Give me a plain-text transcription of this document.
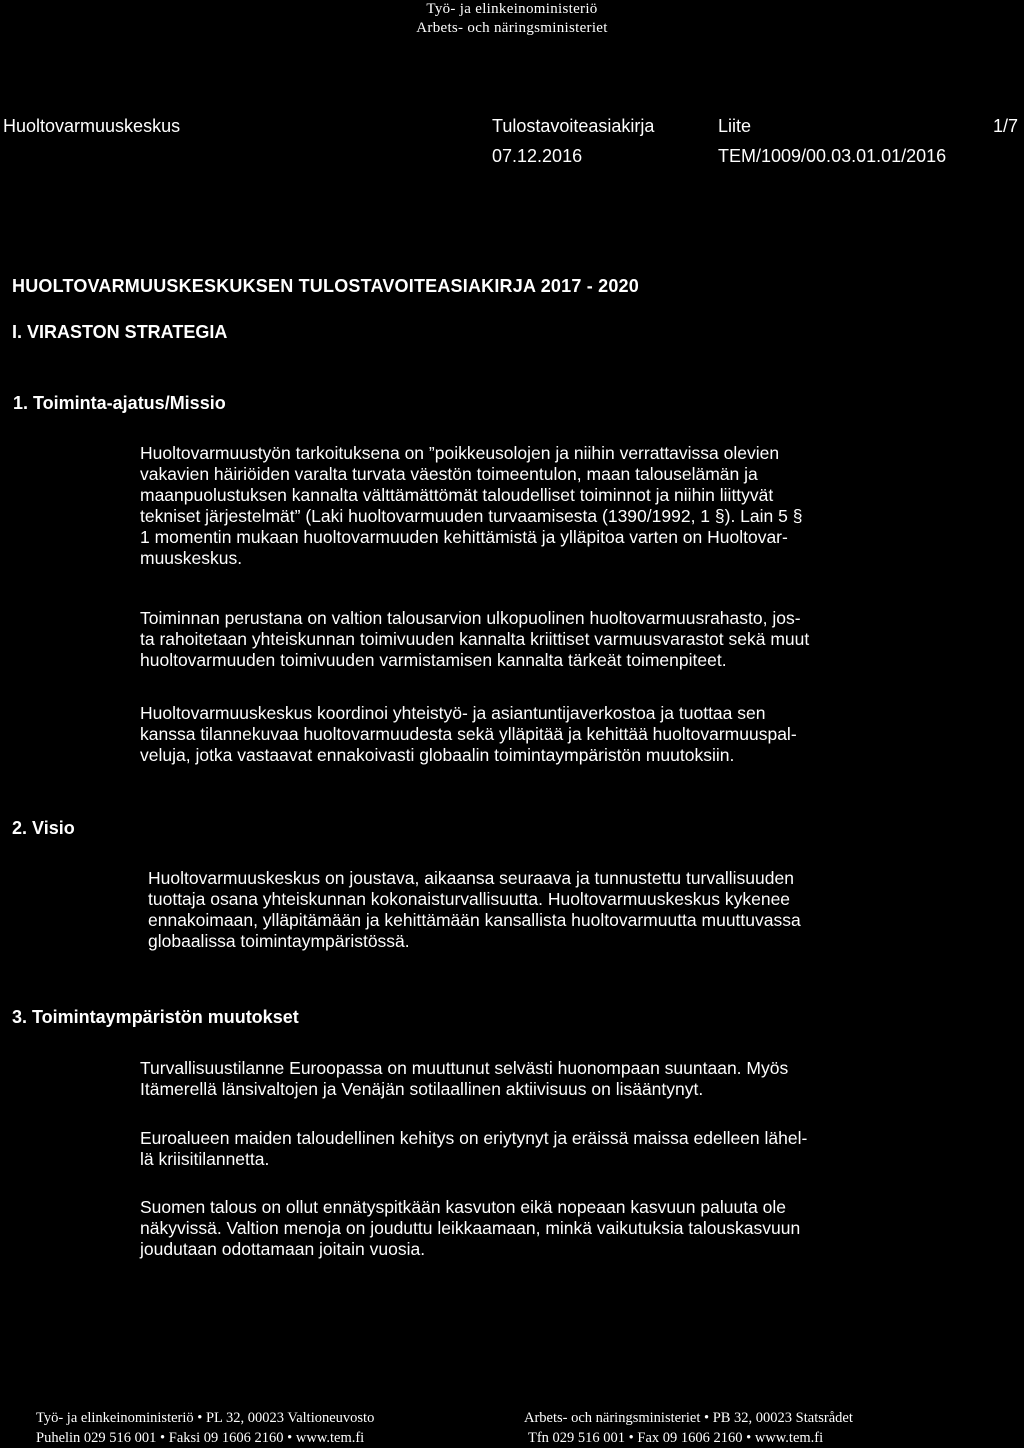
Työ- ja elinkeinoministeriö
Arbets- och näringsministeriet
Huoltovarmuuskeskus	Tulostavoiteasiakirja
07.12.2016
Liite
TEM/1009/00.03.01.01/2016
1/7
HUOLTOVARMUUSKESKUKSEN TULOSTAVOITEASIAKIRJA 2017 - 2020
I. VIRASTON STRATEGIA
1. Toiminta-ajatus/Missio
Huoltovarmuustyön tarkoituksena on ”poikkeusolojen ja niihin verrattavissa olevien
vakavien häiriöiden varalta turvata väestön toimeentulon, maan talouselämän ja
maanpuolustuksen kannalta välttämättömät taloudelliset toiminnot ja niihin liittyvät
tekniset järjestelmät” (Laki huoltovarmuuden turvaamisesta (1390/1992, 1 §). Lain 5 §
1 momentin mukaan huoltovarmuuden kehittämistä ja ylläpitoa varten on Huoltovar-
muuskeskus.
Toiminnan perustana on valtion talousarvion ulkopuolinen huoltovarmuusrahasto, jos-
ta rahoitetaan yhteiskunnan toimivuuden kannalta kriittiset varmuusvarastot sekä muut
huoltovarmuuden toimivuuden varmistamisen kannalta tärkeät toimenpiteet.
Huoltovarmuuskeskus koordinoi yhteistyö- ja asiantuntijaverkostoa ja tuottaa sen
kanssa tilannekuvaa huoltovarmuudesta sekä ylläpitää ja kehittää huoltovarmuuspal-
veluja, jotka vastaavat ennakoivasti globaalin toimintaympäristön muutoksiin.
2. Visio
Huoltovarmuuskeskus on joustava, aikaansa seuraava ja tunnustettu turvallisuuden
tuottaja osana yhteiskunnan kokonaisturvallisuutta. Huoltovarmuuskeskus kykenee
ennakoimaan, ylläpitämään ja kehittämään kansallista huoltovarmuutta muuttuvassa
globaalissa toimintaympäristössä.
3. Toimintaympäristön muutokset
Turvallisuustilanne Euroopassa on muuttunut selvästi huonompaan suuntaan. Myös
Itämerellä länsivaltojen ja Venäjän sotilaallinen aktiivisuus on lisääntynyt.
Euroalueen maiden taloudellinen kehitys on eriytynyt ja eräissä maissa edelleen lähel-
lä kriisitilannetta.
Suomen talous on ollut ennätyspitkään kasvuton eikä nopeaan kasvuun paluuta ole
näkyvissä. Valtion menoja on jouduttu leikkaamaan, minkä vaikutuksia talouskasvuun
joudutaan odottamaan joitain vuosia.
Työ- ja elinkeinoministeriö • PL 32, 00023 Valtioneuvosto
Puhelin 029 516 001 • Faksi 09 1606 2160 • www.tem.fi
Arbets- och näringsministeriet • PB 32, 00023 Statsrådet
Tfn 029 516 001 • Fax 09 1606 2160 • www.tem.fi
